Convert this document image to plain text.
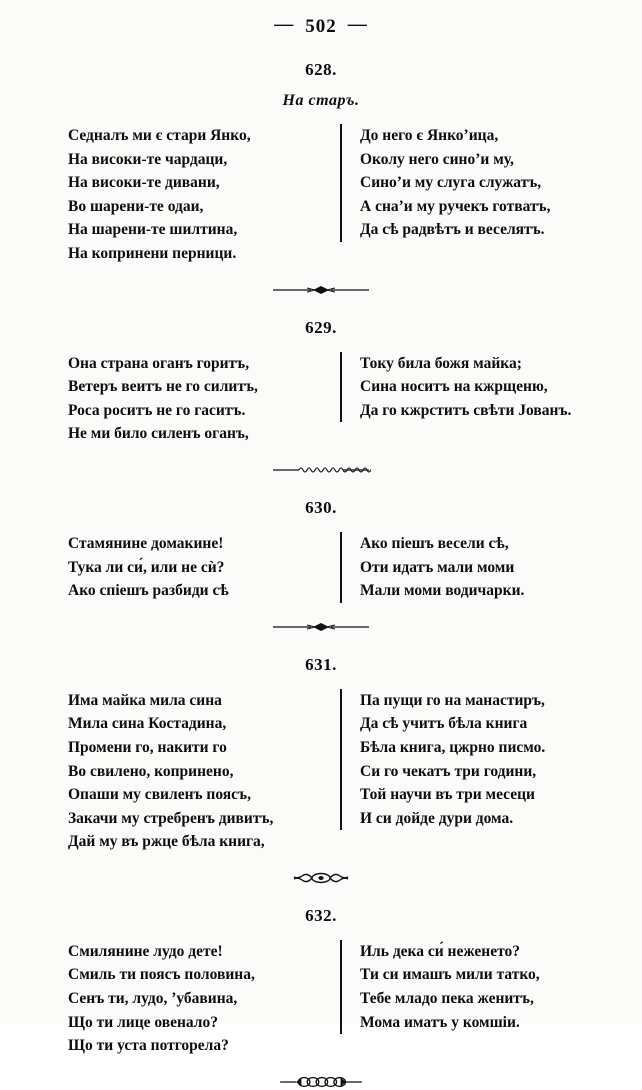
— 502 —
628.
На старъ.
Седналъ ми є стари Янко,
На високи-те чардаци,
На високи-те дивани,
Во шарени-те одаи,
На шарени-те шилтина,
На копринени перници.
До него є Янко’ица,
Околу него сино’и му,
Сино’и му слуга служатъ,
А сна’и му ручекъ готватъ,
Да сѣ радвѣтъ и веселятъ.
629.
Она страна оганъ горитъ,
Ветеръ веитъ не го силитъ,
Роса роситъ не го гаситъ.
Не ми било силенъ оганъ,
Току била божя майка;
Сина носитъ на кжрщеню,
Да го кжрститъ свѣти Јованъ.
630.
Стамянине домакине!
Тука ли си́, или не сѝ?
Ако спіешъ разбиди сѣ
Ако піешъ весели сѣ,
Оти идатъ мали моми
Мали моми водичарки.
631.
Има майка мила сина
Мила сина Костадина,
Промени го, накити го
Во свилено, копринено,
Опаши му свиленъ поясъ,
Закачи му стребренъ дивитъ,
Дай му въ ржце бѣла книга,
Па пущи го на манастиръ,
Да сѣ учитъ бѣла книга
Бѣла книга, цжрно писмо.
Си го чекатъ три години,
Той научи въ три месеци
И си дойде дури дома.
632.
Смилянине лудо дете!
Смиль ти поясъ половина,
Сенъ ти, лудо, ’убавина,
Що ти лице овенало?
Що ти уста потгорела?
Иль дека си́ неженето?
Ти си имашъ мили татко,
Тебе младо пека женитъ,
Мома иматъ у комшіи.
